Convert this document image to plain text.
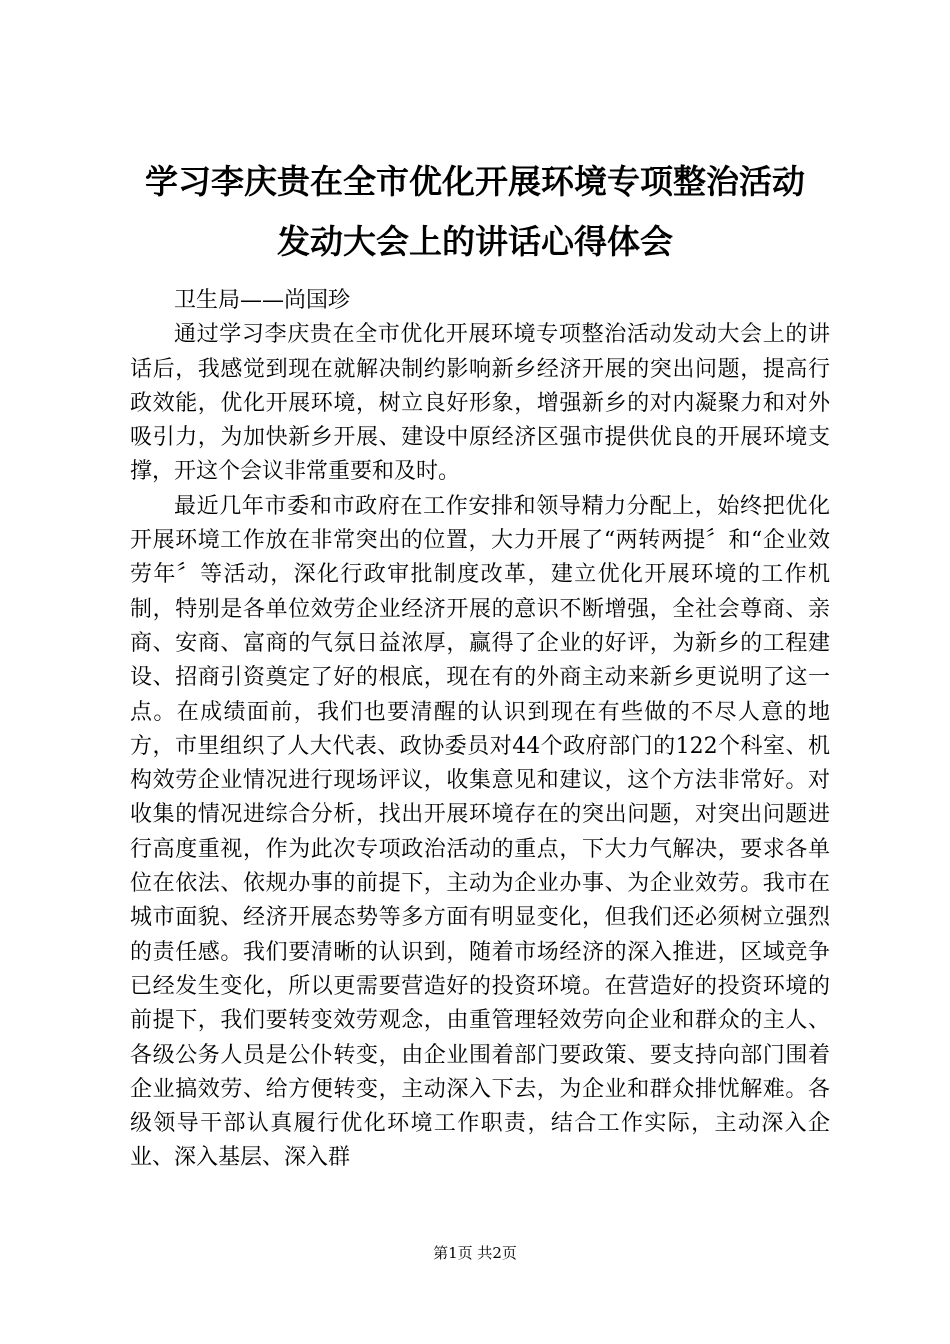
学习李庆贵在全市优化开展环境专项整治活动
发动大会上的讲话心得体会

卫生局——尚国珍

通过学习李庆贵在全市优化开展环境专项整治活动发动大会上的讲话后，我感觉到现在就解决制约影响新乡经济开展的突出问题，提高行政效能，优化开展环境，树立良好形象，增强新乡的对内凝聚力和对外吸引力，为加快新乡开展、建设中原经济区强市提供优良的开展环境支撑，开这个会议非常重要和及时。

最近几年市委和市政府在工作安排和领导精力分配上，始终把优化开展环境工作放在非常突出的位置，大力开展了“两转两提〞和“企业效劳年〞等活动，深化行政审批制度改革，建立优化开展环境的工作机制，特别是各单位效劳企业经济开展的意识不断增强，全社会尊商、亲商、安商、富商的气氛日益浓厚，赢得了企业的好评，为新乡的工程建设、招商引资奠定了好的根底，现在有的外商主动来新乡更说明了这一点。在成绩面前，我们也要清醒的认识到现在有些做的不尽人意的地方，市里组织了人大代表、政协委员对44个政府部门的122个科室、机构效劳企业情况进行现场评议，收集意见和建议，这个方法非常好。对收集的情况进综合分析，找出开展环境存在的突出问题，对突出问题进行高度重视，作为此次专项政治活动的重点，下大力气解决，要求各单位在依法、依规办事的前提下，主动为企业办事、为企业效劳。我市在城市面貌、经济开展态势等多方面有明显变化，但我们还必须树立强烈的责任感。我们要清晰的认识到，随着市场经济的深入推进，区域竞争已经发生变化，所以更需要营造好的投资环境。在营造好的投资环境的前提下，我们要转变效劳观念，由重管理轻效劳向企业和群众的主人、各级公务人员是公仆转变，由企业围着部门要政策、要支持向部门围着企业搞效劳、给方便转变，主动深入下去，为企业和群众排忧解难。各级领导干部认真履行优化环境工作职责，结合工作实际，主动深入企业、深入基层、深入群

第1页 共2页
